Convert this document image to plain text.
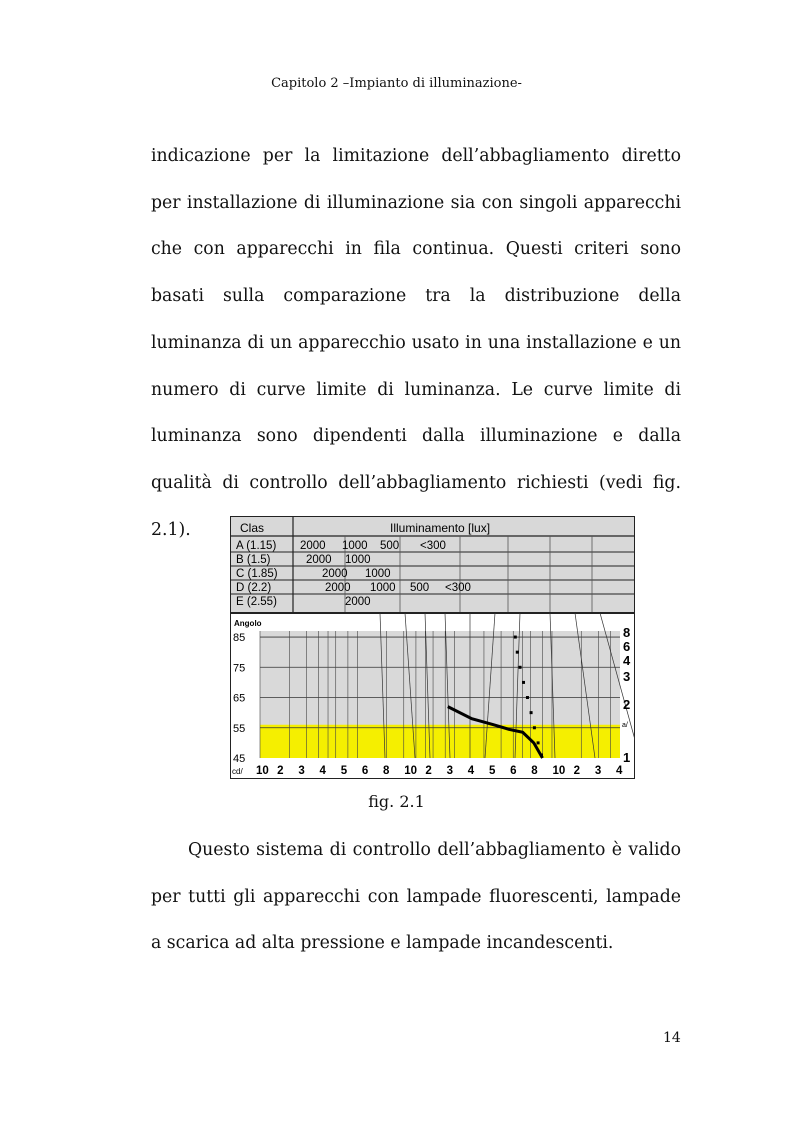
Capitolo 2 –Impianto di illuminazione-

indicazione per la limitazione dell’abbagliamento diretto per installazione di illuminazione sia con singoli apparecchi che con apparecchi in fila continua. Questi criteri sono basati sulla comparazione tra la distribuzione della luminanza di un apparecchio usato in una installazione e un numero di curve limite di luminanza. Le curve limite di luminanza sono dipendenti dalla illuminazione e dalla qualità di controllo dell’abbagliamento richiesti (vedi fig. 2.1).	Clas	Illuminamento [lux]
A (1.15) 2000 1000 500 <300
B (1.5)	2000 1000
C (1.85)	2000 1000
D (2.2)	2000 1000 500 <300
E (2.55)	2000
85
75
65
55
45
10 2 3 4 5 6 8 10 2 3 4 5 6 8 10 2 3 4
8
6
4
3
2
1
a/
Angolo
cd/
fig. 2.1

Questo sistema di controllo dell’abbagliamento è valido per tutti gli apparecchi con lampade fluorescenti, lampade a scarica ad alta pressione e lampade incandescenti.

14
